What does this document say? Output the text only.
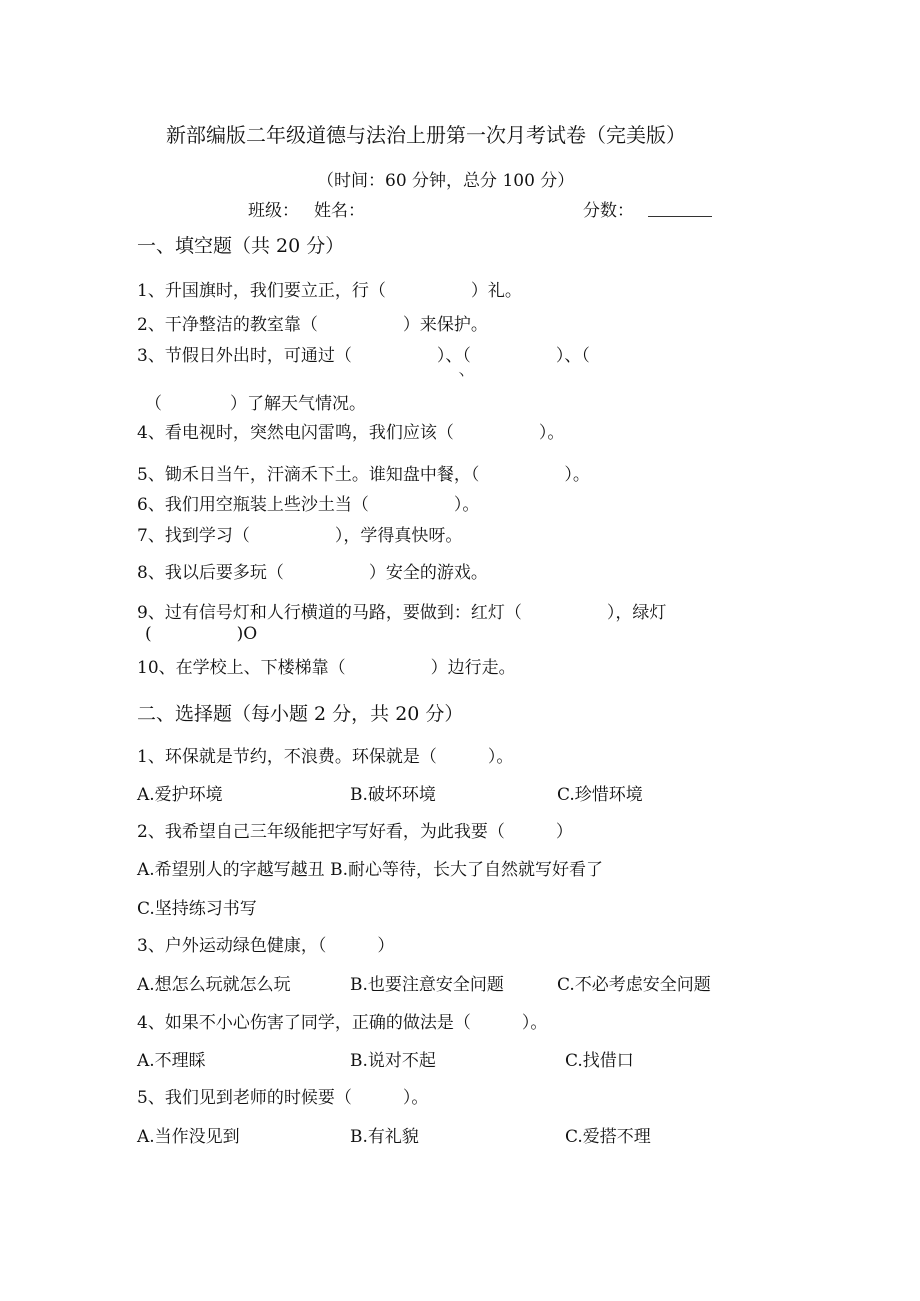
新部编版二年级道德与法治上册第一次月考试卷（完美版）
（时间：60 分钟，总分 100 分）
班级： 姓名：	分数：
一、填空题（共 20 分）
1、升国旗时，我们要立正，行（　　　　　）礼。
2、干净整洁的教室靠（　　　　　）来保护。
3、节假日外出时，可通过（　　　　　）、（　　　　　）、（
丶
（　　　　）了解天气情况。
4、看电视时，突然电闪雷鸣，我们应该（　　　　　）。
5、锄禾日当午，汗滴禾下土。谁知盘中餐，（　　　　　）。
6、我们用空瓶装上些沙土当（　　　　　）。
7、找到学习（　　　　　），学得真快呀。
8、我以后要多玩（　　　　　）安全的游戏。
9、过有信号灯和人行横道的马路，要做到：红灯（　　　　　），绿灯
(　　　　　)O
10、在学校上、下楼梯靠（　　　　　）边行走。
二、选择题（每小题 2 分，共 20 分）
1、环保就是节约，不浪费。环保就是（　　　）。
A.爱护环境	B.破坏环境	C.珍惜环境
2、我希望自己三年级能把字写好看，为此我要（　　　）
A.希望别人的字越写越丑 B.耐心等待，长大了自然就写好看了
C.坚持练习书写
3、户外运动绿色健康，（　　　）
A.想怎么玩就怎么玩	B.也要注意安全问题	C.不必考虑安全问题
4、如果不小心伤害了同学，正确的做法是（　　　）。
A.不理睬	B.说对不起	C.找借口
5、我们见到老师的时候要（　　　）。
A.当作没见到	B.有礼貌	C.爱搭不理
